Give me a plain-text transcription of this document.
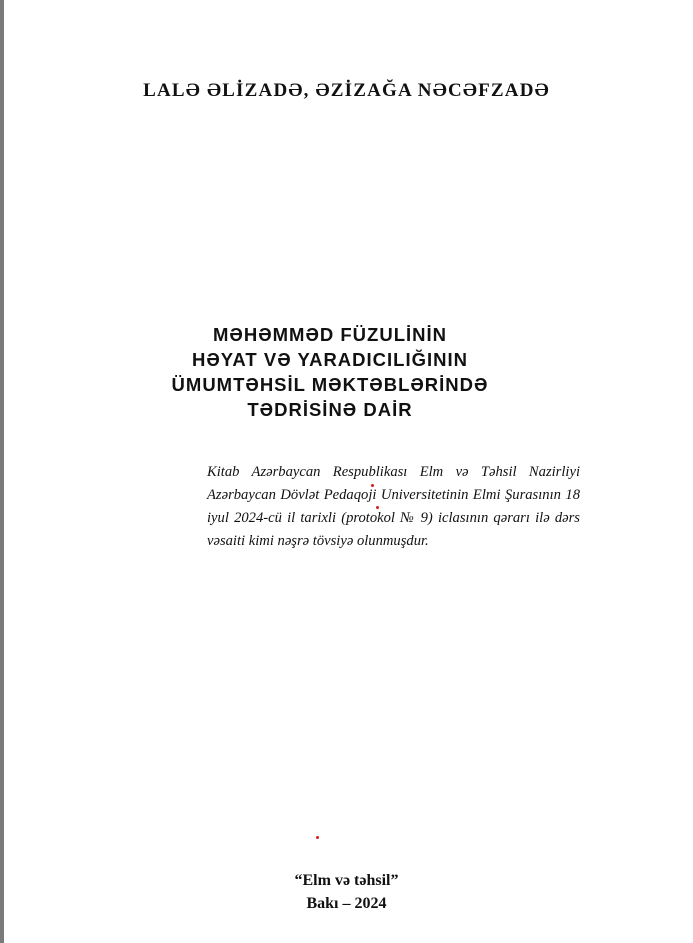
LALƏ ƏLİZADƏ, ƏZİZAĞA NƏCƏFZADƏ
MƏHƏMMƏD FÜZULİNİN
HƏYAT VƏ YARADICILIĞININ
ÜMUMTƏHSİL MƏKTƏBLƏRİNDƏ
TƏDRİSİNƏ DAİR
Kitab Azərbaycan Respublikası Elm və Təhsil Nazirliyi Azərbaycan Dövlət Pedaqoji Universitetinin Elmi Şurasının 18 iyul 2024-cü il tarixli (protokol № 9) iclasının qərarı ilə dərs vəsaiti kimi nəşrə tövsiyə olunmuşdur.
“Elm və təhsil”
Bakı – 2024
